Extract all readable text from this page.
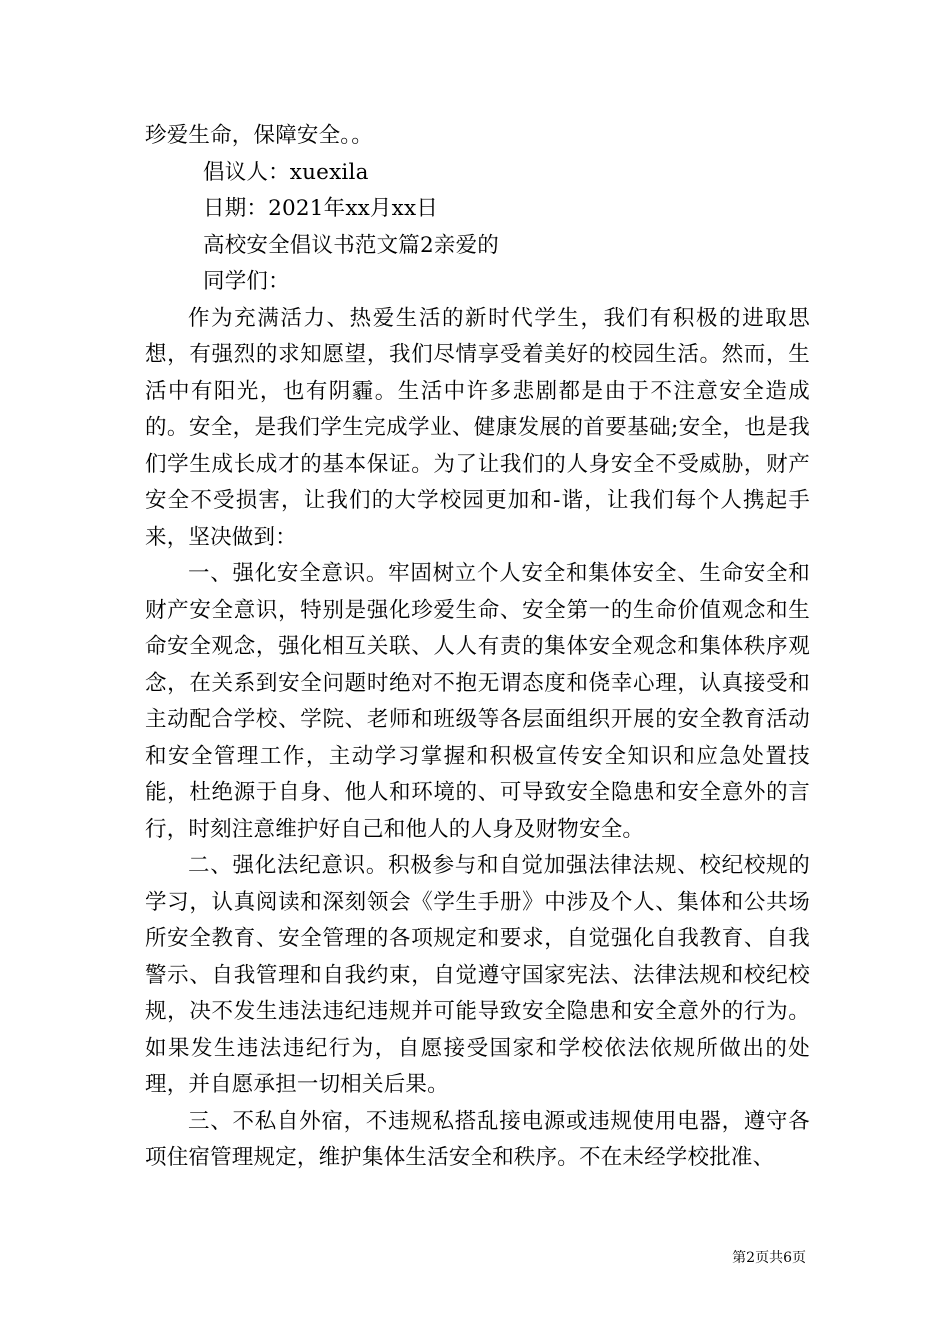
珍爱生命，保障安全。。
倡议人：xuexila
日期：2021年xx月xx日
高校安全倡议书范文篇2亲爱的
同学们：

作为充满活力、热爱生活的新时代学生，我们有积极的进取思想，有强烈的求知愿望，我们尽情享受着美好的校园生活。然而，生活中有阳光，也有阴霾。生活中许多悲剧都是由于不注意安全造成的。安全，是我们学生完成学业、健康发展的首要基础;安全，也是我们学生成长成才的基本保证。为了让我们的人身安全不受威胁，财产安全不受损害，让我们的大学校园更加和-谐，让我们每个人携起手来，坚决做到：

一、强化安全意识。牢固树立个人安全和集体安全、生命安全和财产安全意识，特别是强化珍爱生命、安全第一的生命价值观念和生命安全观念，强化相互关联、人人有责的集体安全观念和集体秩序观念，在关系到安全问题时绝对不抱无谓态度和侥幸心理，认真接受和主动配合学校、学院、老师和班级等各层面组织开展的安全教育活动和安全管理工作，主动学习掌握和积极宣传安全知识和应急处置技能，杜绝源于自身、他人和环境的、可导致安全隐患和安全意外的言行，时刻注意维护好自己和他人的人身及财物安全。

二、强化法纪意识。积极参与和自觉加强法律法规、校纪校规的学习，认真阅读和深刻领会《学生手册》中涉及个人、集体和公共场所安全教育、安全管理的各项规定和要求，自觉强化自我教育、自我警示、自我管理和自我约束，自觉遵守国家宪法、法律法规和校纪校规，决不发生违法违纪违规并可能导致安全隐患和安全意外的行为。如果发生违法违纪行为，自愿接受国家和学校依法依规所做出的处理，并自愿承担一切相关后果。

三、不私自外宿，不违规私搭乱接电源或违规使用电器，遵守各项住宿管理规定，维护集体生活安全和秩序。不在未经学校批准、

第2页共6页
